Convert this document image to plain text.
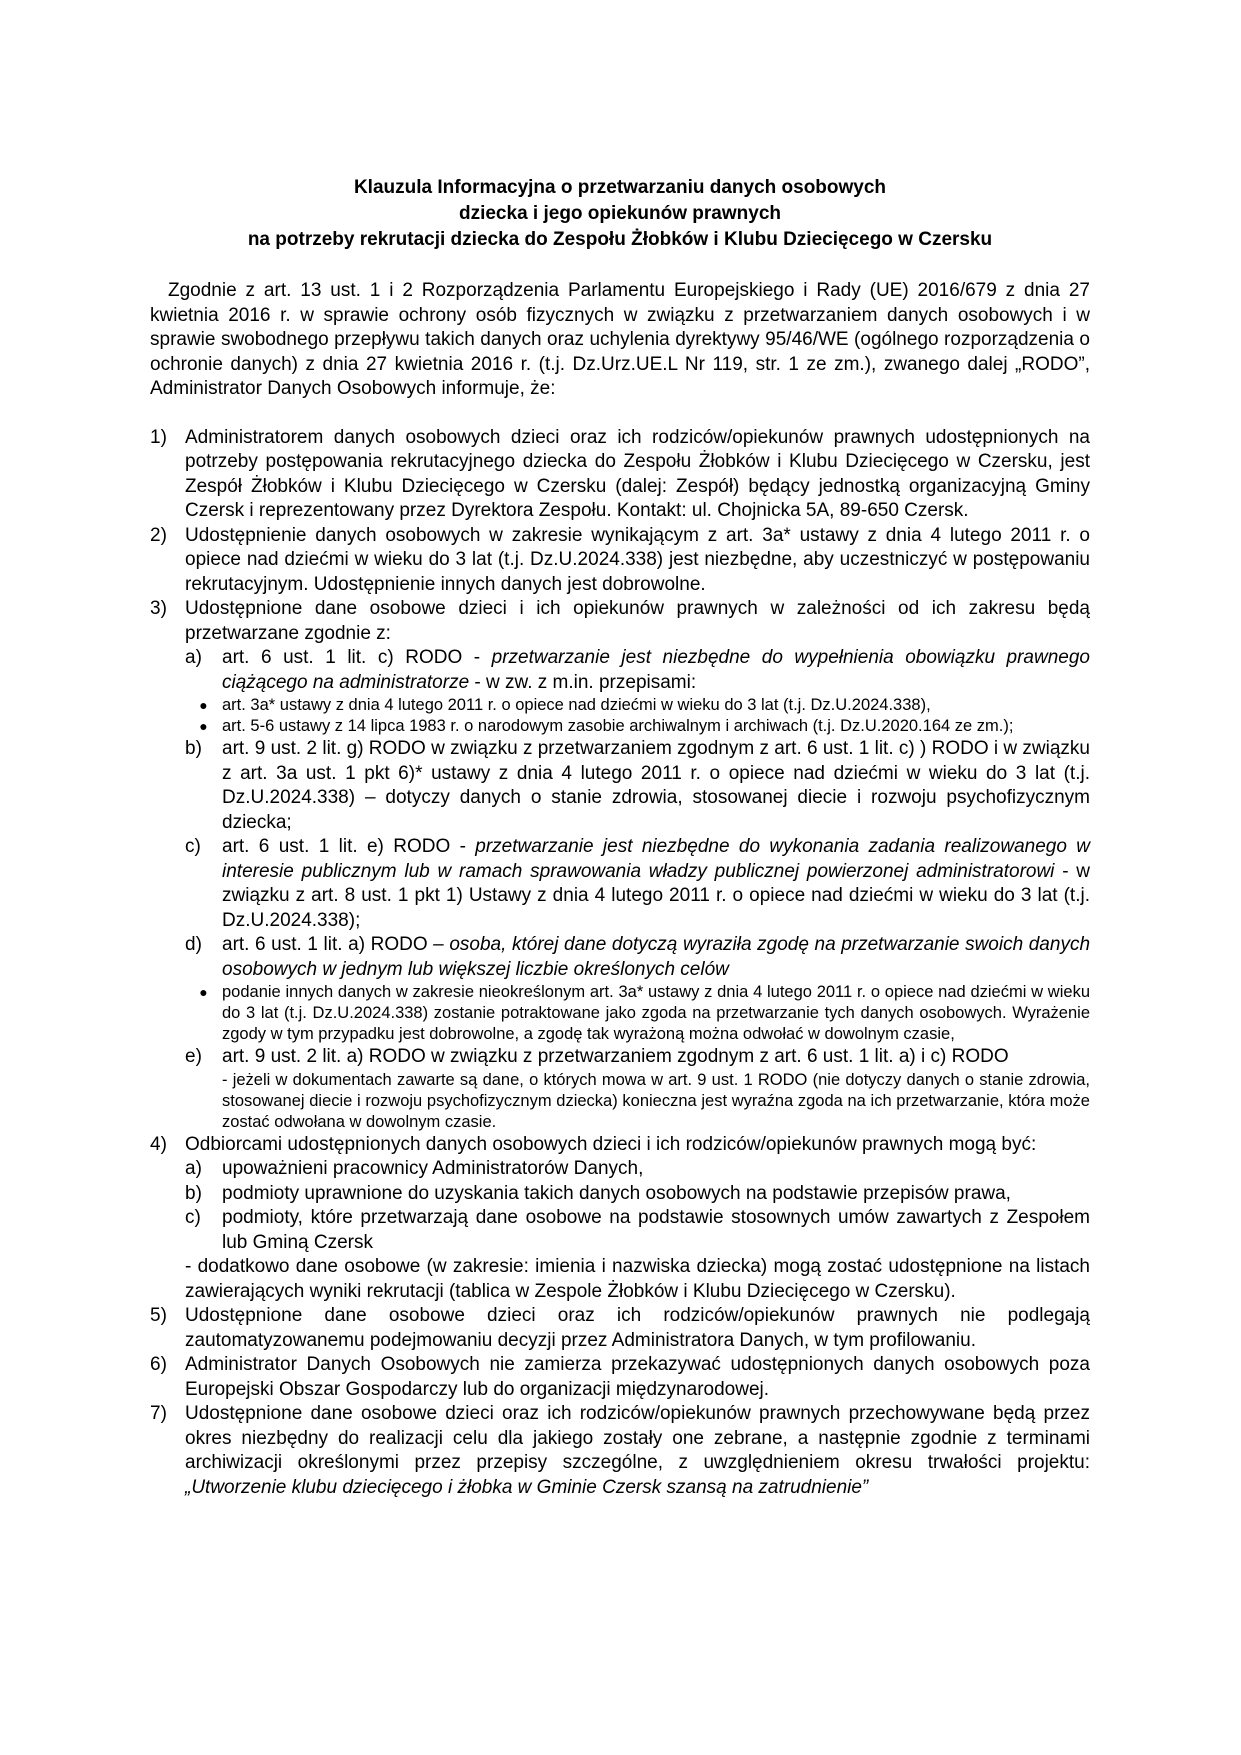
Klauzula Informacyjna o przetwarzaniu danych osobowych
dziecka i jego opiekunów prawnych
na potrzeby rekrutacji dziecka do Zespołu Żłobków i Klubu Dziecięcego w Czersku
Zgodnie z art. 13 ust. 1 i 2 Rozporządzenia Parlamentu Europejskiego i Rady (UE) 2016/679 z dnia 27 kwietnia 2016 r. w sprawie ochrony osób fizycznych w związku z przetwarzaniem danych osobowych i w sprawie swobodnego przepływu takich danych oraz uchylenia dyrektywy 95/46/WE (ogólnego rozporządzenia o ochronie danych) z dnia 27 kwietnia 2016 r. (t.j. Dz.Urz.UE.L Nr 119, str. 1 ze zm.), zwanego dalej „RODO”, Administrator Danych Osobowych informuje, że:
1) Administratorem danych osobowych dzieci oraz ich rodziców/opiekunów prawnych udostępnionych na potrzeby postępowania rekrutacyjnego dziecka do Zespołu Żłobków i Klubu Dziecięcego w Czersku, jest Zespół Żłobków i Klubu Dziecięcego w Czersku (dalej: Zespół) będący jednostką organizacyjną Gminy Czersk i reprezentowany przez Dyrektora Zespołu. Kontakt: ul. Chojnicka 5A, 89-650 Czersk.
2) Udostępnienie danych osobowych w zakresie wynikającym z art. 3a* ustawy z dnia 4 lutego 2011 r. o opiece nad dziećmi w wieku do 3 lat (t.j. Dz.U.2024.338) jest niezbędne, aby uczestniczyć w postępowaniu rekrutacyjnym. Udostępnienie innych danych jest dobrowolne.
3) Udostępnione dane osobowe dzieci i ich opiekunów prawnych w zależności od ich zakresu będą przetwarzane zgodnie z:
a)	art. 6 ust. 1 lit. c) RODO - przetwarzanie jest niezbędne do wypełnienia obowiązku prawnego ciążącego na administratorze - w zw. z m.in. przepisami:
● art. 3a* ustawy z dnia 4 lutego 2011 r. o opiece nad dziećmi w wieku do 3 lat (t.j. Dz.U.2024.338),
● art. 5-6 ustawy z 14 lipca 1983 r. o narodowym zasobie archiwalnym i archiwach (t.j. Dz.U.2020.164 ze zm.);
b)	art. 9 ust. 2 lit. g) RODO w związku z przetwarzaniem zgodnym z art. 6 ust. 1 lit. c) ) RODO i w związku z art. 3a ust. 1 pkt 6)* ustawy z dnia 4 lutego 2011 r. o opiece nad dziećmi w wieku do 3 lat (t.j. Dz.U.2024.338) – dotyczy danych o stanie zdrowia, stosowanej diecie i rozwoju psychofizycznym dziecka;
c)	art. 6 ust. 1 lit. e) RODO - przetwarzanie jest niezbędne do wykonania zadania realizowanego w interesie publicznym lub w ramach sprawowania władzy publicznej powierzonej administratorowi - w związku z art. 8 ust. 1 pkt 1) Ustawy z dnia 4 lutego 2011 r. o opiece nad dziećmi w wieku do 3 lat (t.j. Dz.U.2024.338);
d)	art. 6 ust. 1 lit. a) RODO – osoba, której dane dotyczą wyraziła zgodę na przetwarzanie swoich danych osobowych w jednym lub większej liczbie określonych celów
● podanie innych danych w zakresie nieokreślonym art. 3a* ustawy z dnia 4 lutego 2011 r. o opiece nad dziećmi w wieku do 3 lat (t.j. Dz.U.2024.338) zostanie potraktowane jako zgoda na przetwarzanie tych danych osobowych. Wyrażenie zgody w tym przypadku jest dobrowolne, a zgodę tak wyrażoną można odwołać w dowolnym czasie,
e)	art. 9 ust. 2 lit. a) RODO w związku z przetwarzaniem zgodnym z art. 6 ust. 1 lit. a) i c) RODO
- jeżeli w dokumentach zawarte są dane, o których mowa w art. 9 ust. 1 RODO (nie dotyczy danych o stanie zdrowia, stosowanej diecie i rozwoju psychofizycznym dziecka) konieczna jest wyraźna zgoda na ich przetwarzanie, która może zostać odwołana w dowolnym czasie.
4) Odbiorcami udostępnionych danych osobowych dzieci i ich rodziców/opiekunów prawnych mogą być:
a)	upoważnieni pracownicy Administratorów Danych,
b)	podmioty uprawnione do uzyskania takich danych osobowych na podstawie przepisów prawa,
c)	podmioty, które przetwarzają dane osobowe na podstawie stosownych umów zawartych z Zespołem lub Gminą Czersk
- dodatkowo dane osobowe (w zakresie: imienia i nazwiska dziecka) mogą zostać udostępnione na listach zawierających wyniki rekrutacji (tablica w Zespole Żłobków i Klubu Dziecięcego w Czersku).
5) Udostępnione dane osobowe dzieci oraz ich rodziców/opiekunów prawnych nie podlegają zautomatyzowanemu podejmowaniu decyzji przez Administratora Danych, w tym profilowaniu.
6) Administrator Danych Osobowych nie zamierza przekazywać udostępnionych danych osobowych poza Europejski Obszar Gospodarczy lub do organizacji międzynarodowej.
7) Udostępnione dane osobowe dzieci oraz ich rodziców/opiekunów prawnych przechowywane będą przez okres niezbędny do realizacji celu dla jakiego zostały one zebrane, a następnie zgodnie z terminami archiwizacji określonymi przez przepisy szczególne, z uwzględnieniem okresu trwałości projektu: „Utworzenie klubu dziecięcego i żłobka w Gminie Czersk szansą na zatrudnienie”
